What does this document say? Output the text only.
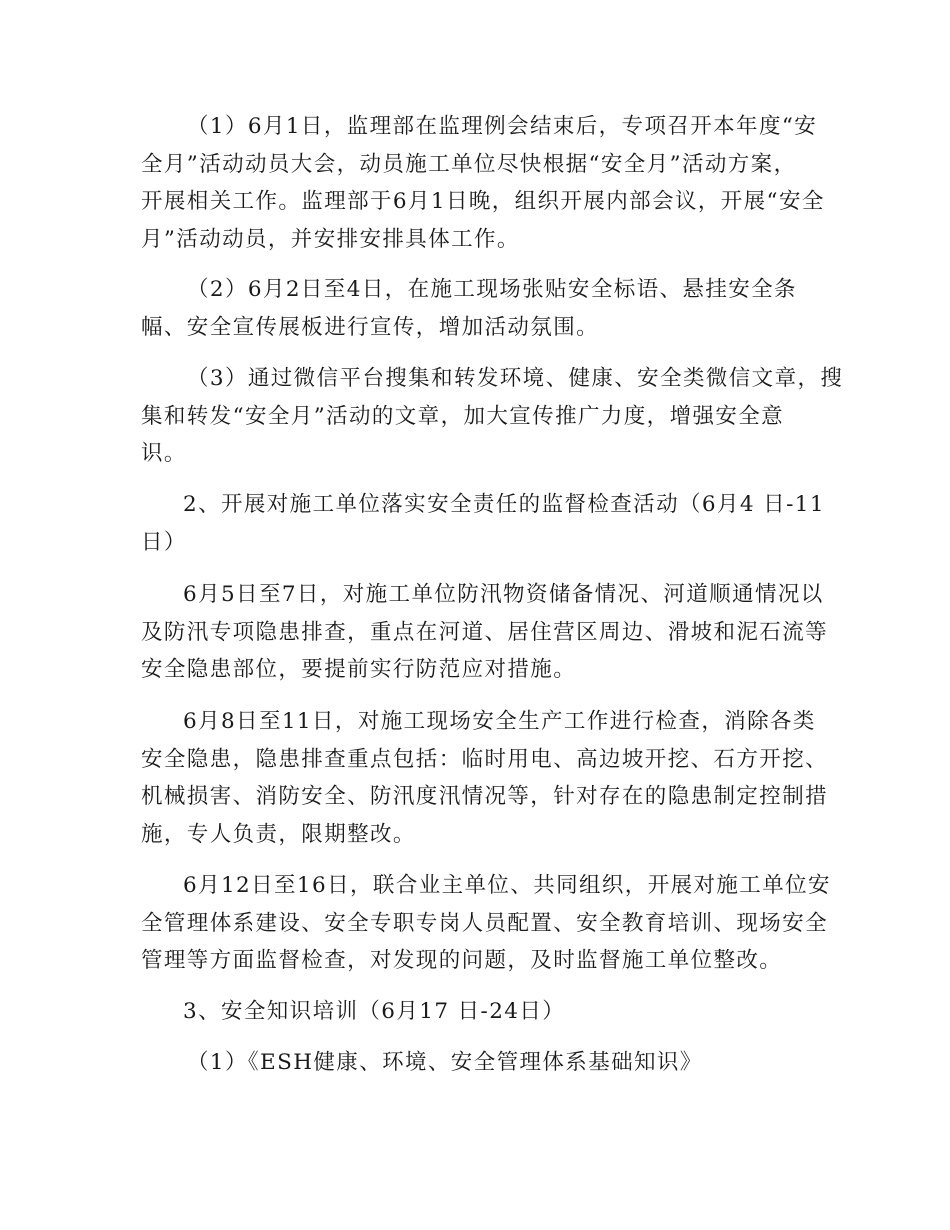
（1）6月1日，监理部在监理例会结束后，专项召开本年度“安
全月”活动动员大会，动员施工单位尽快根据“安全月”活动方案，
开展相关工作。监理部于6月1日晚，组织开展内部会议，开展“安全
月”活动动员，并安排安排具体工作。

（2）6月2日至4日，在施工现场张贴安全标语、悬挂安全条
幅、安全宣传展板进行宣传，增加活动氛围。

（3）通过微信平台搜集和转发环境、健康、安全类微信文章，搜
集和转发“安全月”活动的文章，加大宣传推广力度，增强安全意
识。

2、开展对施工单位落实安全责任的监督检查活动（6月4 日-11
日）

6月5日至7日，对施工单位防汛物资储备情况、河道顺通情况以
及防汛专项隐患排查，重点在河道、居住营区周边、滑坡和泥石流等
安全隐患部位，要提前实行防范应对措施。

6月8日至11日，对施工现场安全生产工作进行检查，消除各类
安全隐患，隐患排查重点包括：临时用电、高边坡开挖、石方开挖、
机械损害、消防安全、防汛度汛情况等，针对存在的隐患制定控制措
施，专人负责，限期整改。

6月12日至16日，联合业主单位、共同组织，开展对施工单位安
全管理体系建设、安全专职专岗人员配置、安全教育培训、现场安全
管理等方面监督检查，对发现的问题，及时监督施工单位整改。

3、安全知识培训（6月17 日-24日）

（1）《ESH健康、环境、安全管理体系基础知识》
